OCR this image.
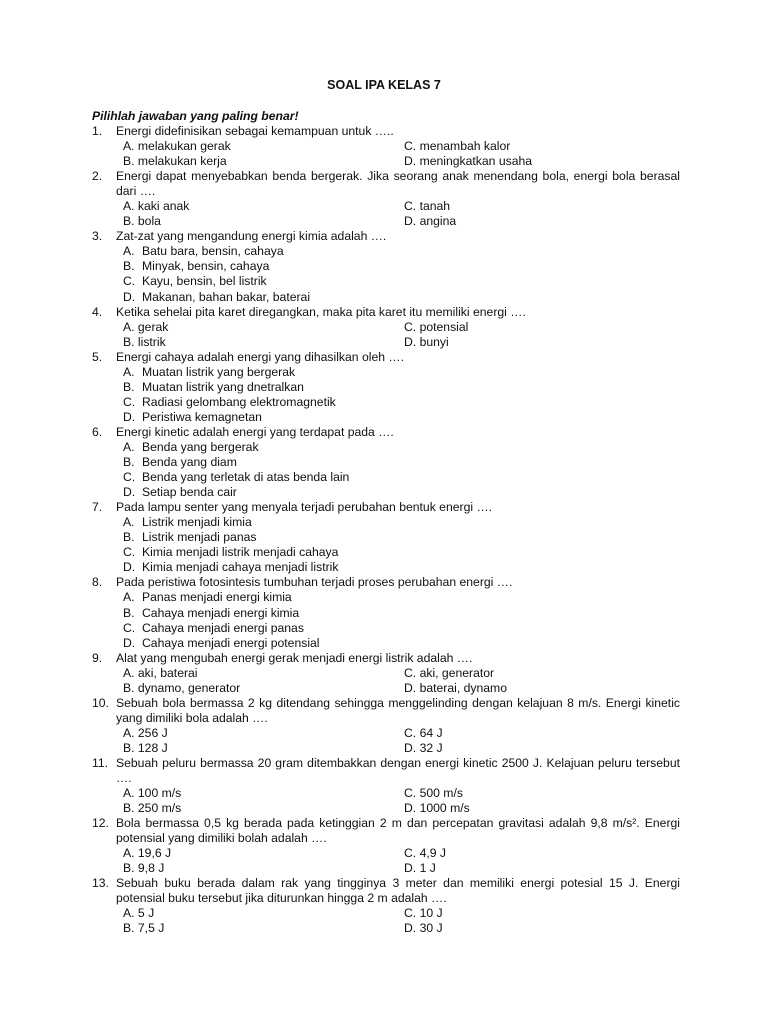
SOAL IPA KELAS 7
Pilihlah jawaban yang paling benar!
1.	Energi didefinisikan sebagai kemampuan untuk …..
A. melakukan gerak	C. menambah kalor
B. melakukan kerja	D. meningkatkan usaha
2.	Energi dapat menyebabkan benda bergerak. Jika seorang anak menendang bola, energi bola berasal dari ….
A. kaki anak	C. tanah
B. bola	D. angina
3.	Zat-zat yang mengandung energi kimia adalah ….
A. Batu bara, bensin, cahaya
B. Minyak, bensin, cahaya
C. Kayu, bensin, bel listrik
D. Makanan, bahan bakar, baterai
4.	Ketika sehelai pita karet diregangkan, maka pita karet itu memiliki energi ….
A. gerak	C. potensial
B. listrik	D. bunyi
5.	Energi cahaya adalah energi yang dihasilkan oleh ….
A. Muatan listrik yang bergerak
B. Muatan listrik yang dnetralkan
C. Radiasi gelombang elektromagnetik
D. Peristiwa kemagnetan
6.	Energi kinetic adalah energi yang terdapat pada ….
A. Benda yang bergerak
B. Benda yang diam
C. Benda yang terletak di atas benda lain
D. Setiap benda cair
7.	Pada lampu senter yang menyala terjadi perubahan bentuk energi ….
A. Listrik menjadi kimia
B. Listrik menjadi panas
C. Kimia menjadi listrik menjadi cahaya
D. Kimia menjadi cahaya menjadi listrik
8.	Pada peristiwa fotosintesis tumbuhan terjadi proses perubahan energi ….
A. Panas menjadi energi kimia
B. Cahaya menjadi energi kimia
C. Cahaya menjadi energi panas
D. Cahaya menjadi energi potensial
9.	Alat yang mengubah energi gerak menjadi energi listrik adalah ….
A. aki, baterai	C. aki, generator
B. dynamo, generator	D. baterai, dynamo
10. Sebuah bola bermassa 2 kg ditendang sehingga menggelinding dengan kelajuan 8 m/s. Energi kinetic yang dimiliki bola adalah ….
A. 256 J	C. 64 J
B. 128 J	D. 32 J
11. Sebuah peluru bermassa 20 gram ditembakkan dengan energi kinetic 2500 J. Kelajuan peluru tersebut ….
A. 100 m/s	C. 500 m/s
B. 250 m/s	D. 1000 m/s
12. Bola bermassa 0,5 kg berada pada ketinggian 2 m dan percepatan gravitasi adalah 9,8 m/s². Energi potensial yang dimiliki bolah adalah ….
A. 19,6 J	C. 4,9 J
B. 9,8 J	D. 1 J
13. Sebuah buku berada dalam rak yang tingginya 3 meter dan memiliki energi potesial 15 J. Energi potensial buku tersebut jika diturunkan hingga 2 m adalah ….
A. 5 J	C. 10 J
B. 7,5 J	D. 30 J
